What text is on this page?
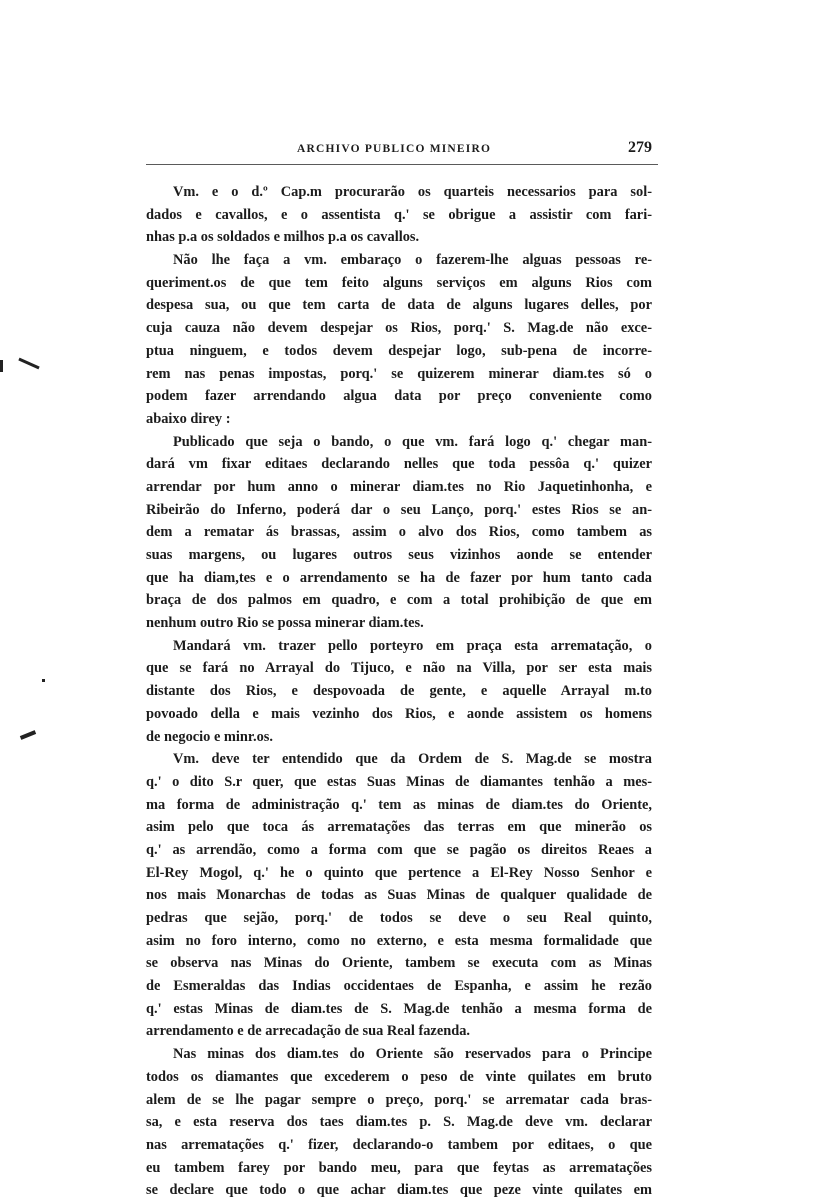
ARCHIVO PUBLICO MINEIRO	279
Vm. e o d.º Cap.m procurarão os quarteis necessarios para sol-
dados e cavallos, e o assentista q.' se obrigue a assistir com fari-
nhas p.a os soldados e milhos p.a os cavallos.
Não lhe faça a vm. embaraço o fazerem-lhe alguas pessoas re-
queriment.os de que tem feito alguns serviços em alguns Rios com
despesa sua, ou que tem carta de data de alguns lugares delles, por
cuja cauza não devem despejar os Rios, porq.' S. Mag.de não exce-
ptua ninguem, e todos devem despejar logo, sub-pena de incorre-
rem nas penas impostas, porq.' se quizerem minerar diam.tes só o
podem fazer arrendando algua data por preço conveniente como
abaixo direy :
Publicado que seja o bando, o que vm. fará logo q.' chegar man-
dará vm fixar editaes declarando nelles que toda pessôa q.' quizer
arrendar por hum anno o minerar diam.tes no Rio Jaquetinhonha, e
Ribeirão do Inferno, poderá dar o seu Lanço, porq.' estes Rios se an-
dem a rematar ás brassas, assim o alvo dos Rios, como tambem as
suas margens, ou lugares outros seus vizinhos aonde se entender
que ha diam,tes e o arrendamento se ha de fazer por hum tanto cada
braça de dos palmos em quadro, e com a total prohibição de que em
nenhum outro Rio se possa minerar diam.tes.
Mandará vm. trazer pello porteyro em praça esta arrematação, o
que se fará no Arrayal do Tijuco, e não na Villa, por ser esta mais
distante dos Rios, e despovoada de gente, e aquelle Arrayal m.to
povoado della e mais vezinho dos Rios, e aonde assistem os homens
de negocio e minr.os.
Vm. deve ter entendido que da Ordem de S. Mag.de se mostra
q.' o dito S.r quer, que estas Suas Minas de diamantes tenhão a mes-
ma forma de administração q.' tem as minas de diam.tes do Oriente,
asim pelo que toca ás arrematações das terras em que minerão os
q.' as arrendão, como a forma com que se pagão os direitos Reaes a
El-Rey Mogol, q.' he o quinto que pertence a El-Rey Nosso Senhor e
nos mais Monarchas de todas as Suas Minas de qualquer qualidade de
pedras que sejão, porq.' de todos se deve o seu Real quinto,
asim no foro interno, como no externo, e esta mesma formalidade que
se observa nas Minas do Oriente, tambem se executa com as Minas
de Esmeraldas das Indias occidentaes de Espanha, e assim he rezão
q.' estas Minas de diam.tes de S. Mag.de tenhão a mesma forma de
arrendamento e de arrecadação de sua Real fazenda.
Nas minas dos diam.tes do Oriente são reservados para o Principe
todos os diamantes que excederem o peso de vinte quilates em bruto
alem de se lhe pagar sempre o preço, porq.' se arrematar cada bras-
sa, e esta reserva dos taes diam.tes p. S. Mag.de deve vm. declarar
nas arrematações q.' fizer, declarando-o tambem por editaes, o que
eu tambem farey por bando meu, para que feytas as arrematações
se declare que todo o que achar diam.tes que peze vinte quilates em
